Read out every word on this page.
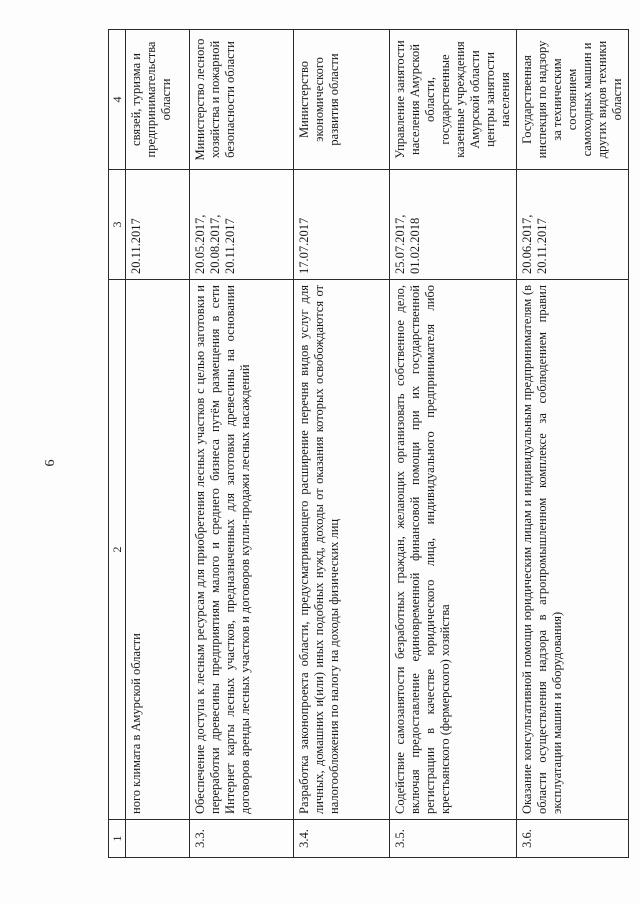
6
1	2	3	4
	ного климата в Амурской области	20.11.2017	связей, туризма и предпринимательства области
3.3.	Обеспечение доступа к лесным ресурсам для приобретения лесных участков с целью заготовки и переработки древесины предприятиям малого и среднего бизнеса путём размещения в сети Интернет карты лесных участков, предназначенных для заготовки древесины на основании договоров аренды лесных участков и договоров купли-продажи лесных насаждений	20.05.2017, 20.08.2017, 20.11.2017	Министерство лесного хозяйства и пожарной безопасности области
3.4.	Разработка законопроекта области, предусматривающего расширение перечня видов услуг для личных, домашних и(или) иных подобных нужд, доходы от оказания которых освобождаются от налогообложения по налогу на доходы физических лиц	17.07.2017	Министерство экономического развития области
3.5.	Содействие самозанятости безработных граждан, желающих организовать собственное дело, включая предоставление единовременной финансовой помощи при их государственной регистрации в качестве юридического лица, индивидуального предпринимателя либо крестьянского (фермерского) хозяйства	25.07.2017, 01.02.2018	Управление занятости населения Амурской области, государственные казенные учреждения Амурской области центры занятости населения
3.6.	Оказание консультативной помощи юридическим лицам и индивидуальным предпринимателям (в области осуществления надзора в агропромышленном комплексе за соблюдением правил эксплуатации машин и оборудования)	20.06.2017, 20.11.2017	Государственная инспекция по надзору за техническим состоянием самоходных машин и других видов техники области
